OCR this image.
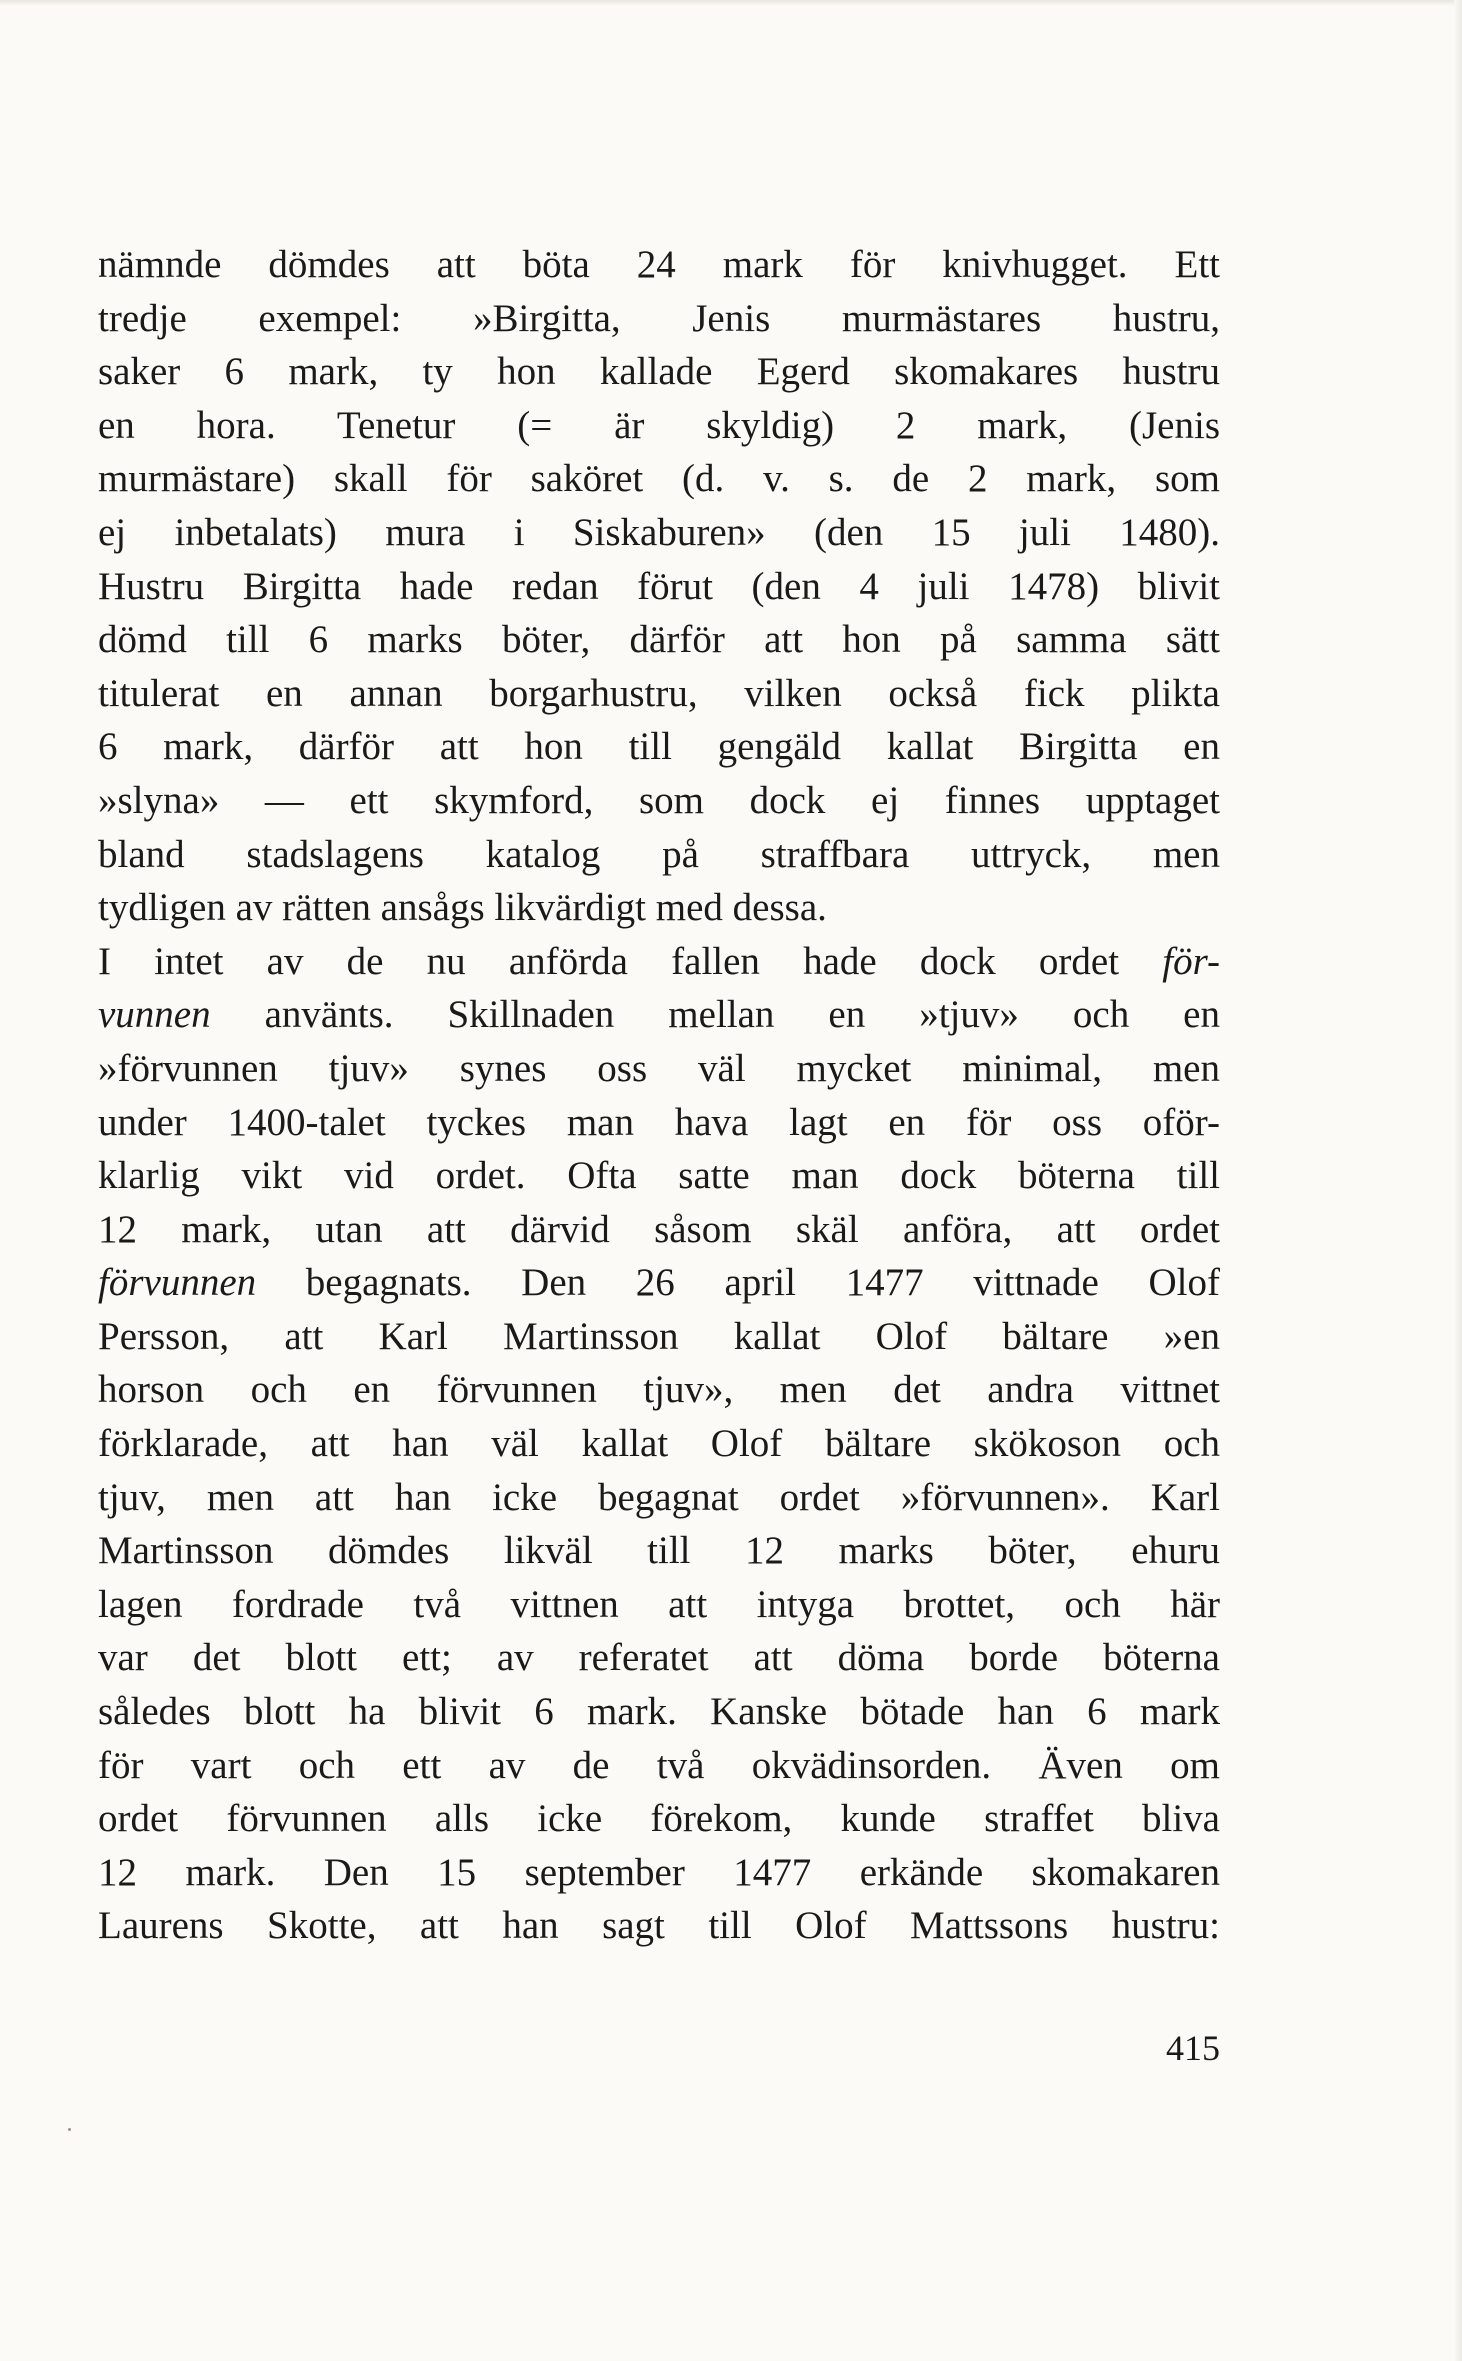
nämnde dömdes att böta 24 mark för knivhugget. Ett
tredje exempel: »Birgitta, Jenis murmästares hustru,
saker 6 mark, ty hon kallade Egerd skomakares hustru
en hora. Tenetur (= är skyldig) 2 mark, (Jenis
murmästare) skall för saköret (d. v. s. de 2 mark, som
ej inbetalats) mura i Siskaburen» (den 15 juli 1480).
Hustru Birgitta hade redan förut (den 4 juli 1478) blivit
dömd till 6 marks böter, därför att hon på samma sätt
titulerat en annan borgarhustru, vilken också fick plikta
6 mark, därför att hon till gengäld kallat Birgitta en
»slyna» — ett skymford, som dock ej finnes upptaget
bland stadslagens katalog på straffbara uttryck, men
tydligen av rätten ansågs likvärdigt med dessa.
I intet av de nu anförda fallen hade dock ordet för-
vunnen använts. Skillnaden mellan en »tjuv» och en
»förvunnen tjuv» synes oss väl mycket minimal, men
under 1400-talet tyckes man hava lagt en för oss oför-
klarlig vikt vid ordet. Ofta satte man dock böterna till
12 mark, utan att därvid såsom skäl anföra, att ordet
förvunnen begagnats. Den 26 april 1477 vittnade Olof
Persson, att Karl Martinsson kallat Olof bältare »en
horson och en förvunnen tjuv», men det andra vittnet
förklarade, att han väl kallat Olof bältare skökoson och
tjuv, men att han icke begagnat ordet »förvunnen». Karl
Martinsson dömdes likväl till 12 marks böter, ehuru
lagen fordrade två vittnen att intyga brottet, och här
var det blott ett; av referatet att döma borde böterna
således blott ha blivit 6 mark. Kanske bötade han 6 mark
för vart och ett av de två okvädinsorden. Även om
ordet förvunnen alls icke förekom, kunde straffet bliva
12 mark. Den 15 september 1477 erkände skomakaren
Laurens Skotte, att han sagt till Olof Mattssons hustru:
415
